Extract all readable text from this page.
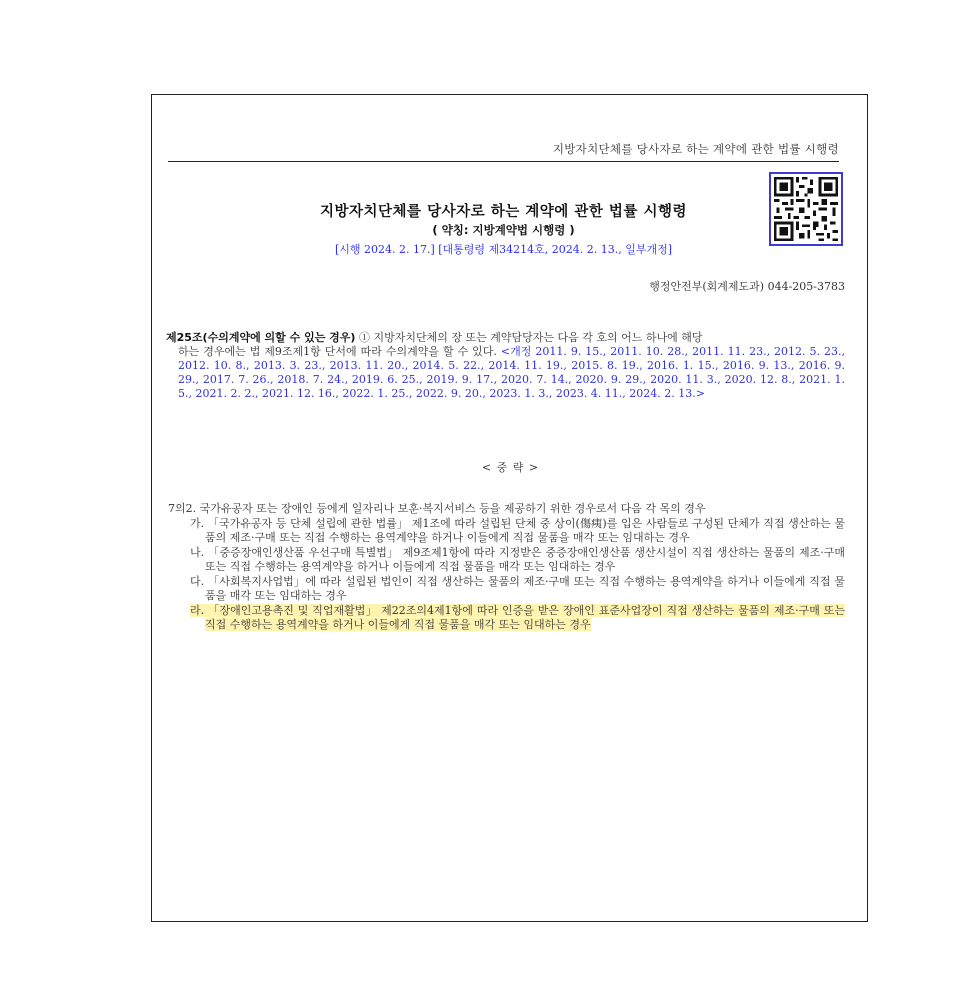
지방자치단체를 당사자로 하는 계약에 관한 법률 시행령
지방자치단체를 당사자로 하는 계약에 관한 법률 시행령
( 약칭: 지방계약법 시행령 )
[시행 2024. 2. 17.] [대통령령 제34214호, 2024. 2. 13., 일부개정]
행정안전부(회계제도과) 044-205-3783
제25조(수의계약에 의할 수 있는 경우) ① 지방자치단체의 장 또는 계약담당자는 다음 각 호의 어느 하나에 해당
하는 경우에는 법 제9조제1항 단서에 따라 수의계약을 할 수 있다. <개정 2011. 9. 15., 2011. 10. 28., 2011. 11. 23., 2012. 5. 23., 2012. 10. 8., 2013. 3. 23., 2013. 11. 20., 2014. 5. 22., 2014. 11. 19., 2015. 8. 19., 2016. 1. 15., 2016. 9. 13., 2016. 9. 29., 2017. 7. 26., 2018. 7. 24., 2019. 6. 25., 2019. 9. 17., 2020. 7. 14., 2020. 9. 29., 2020. 11. 3., 2020. 12. 8., 2021. 1. 5., 2021. 2. 2., 2021. 12. 16., 2022. 1. 25., 2022. 9. 20., 2023. 1. 3., 2023. 4. 11., 2024. 2. 13.>
< 중 략 >

7의2. 국가유공자 또는 장애인 등에게 일자리나 보훈·복지서비스 등을 제공하기 위한 경우로서 다음 각 목의 경우

가. 「국가유공자 등 단체 설립에 관한 법률」 제1조에 따라 설립된 단체 중 상이(傷痍)를 입은 사람들로 구성된 단체가 직접 생산하는 물품의 제조·구매 또는 직접 수행하는 용역계약을 하거나 이들에게 직접 물품을 매각 또는 임대하는 경우

나. 「중증장애인생산품 우선구매 특별법」 제9조제1항에 따라 지정받은 중증장애인생산품 생산시설이 직접 생산하는 물품의 제조·구매 또는 직접 수행하는 용역계약을 하거나 이들에게 직접 물품을 매각 또는 임대하는 경우

다. 「사회복지사업법」에 따라 설립된 법인이 직접 생산하는 물품의 제조·구매 또는 직접 수행하는 용역계약을 하거나 이들에게 직접 물품을 매각 또는 임대하는 경우

라. 「장애인고용촉진 및 직업재활법」 제22조의4제1항에 따라 인증을 받은 장애인 표준사업장이 직접 생산하는 물품의 제조·구매 또는 직접 수행하는 용역계약을 하거나 이들에게 직접 물품을 매각 또는 임대하는 경우
